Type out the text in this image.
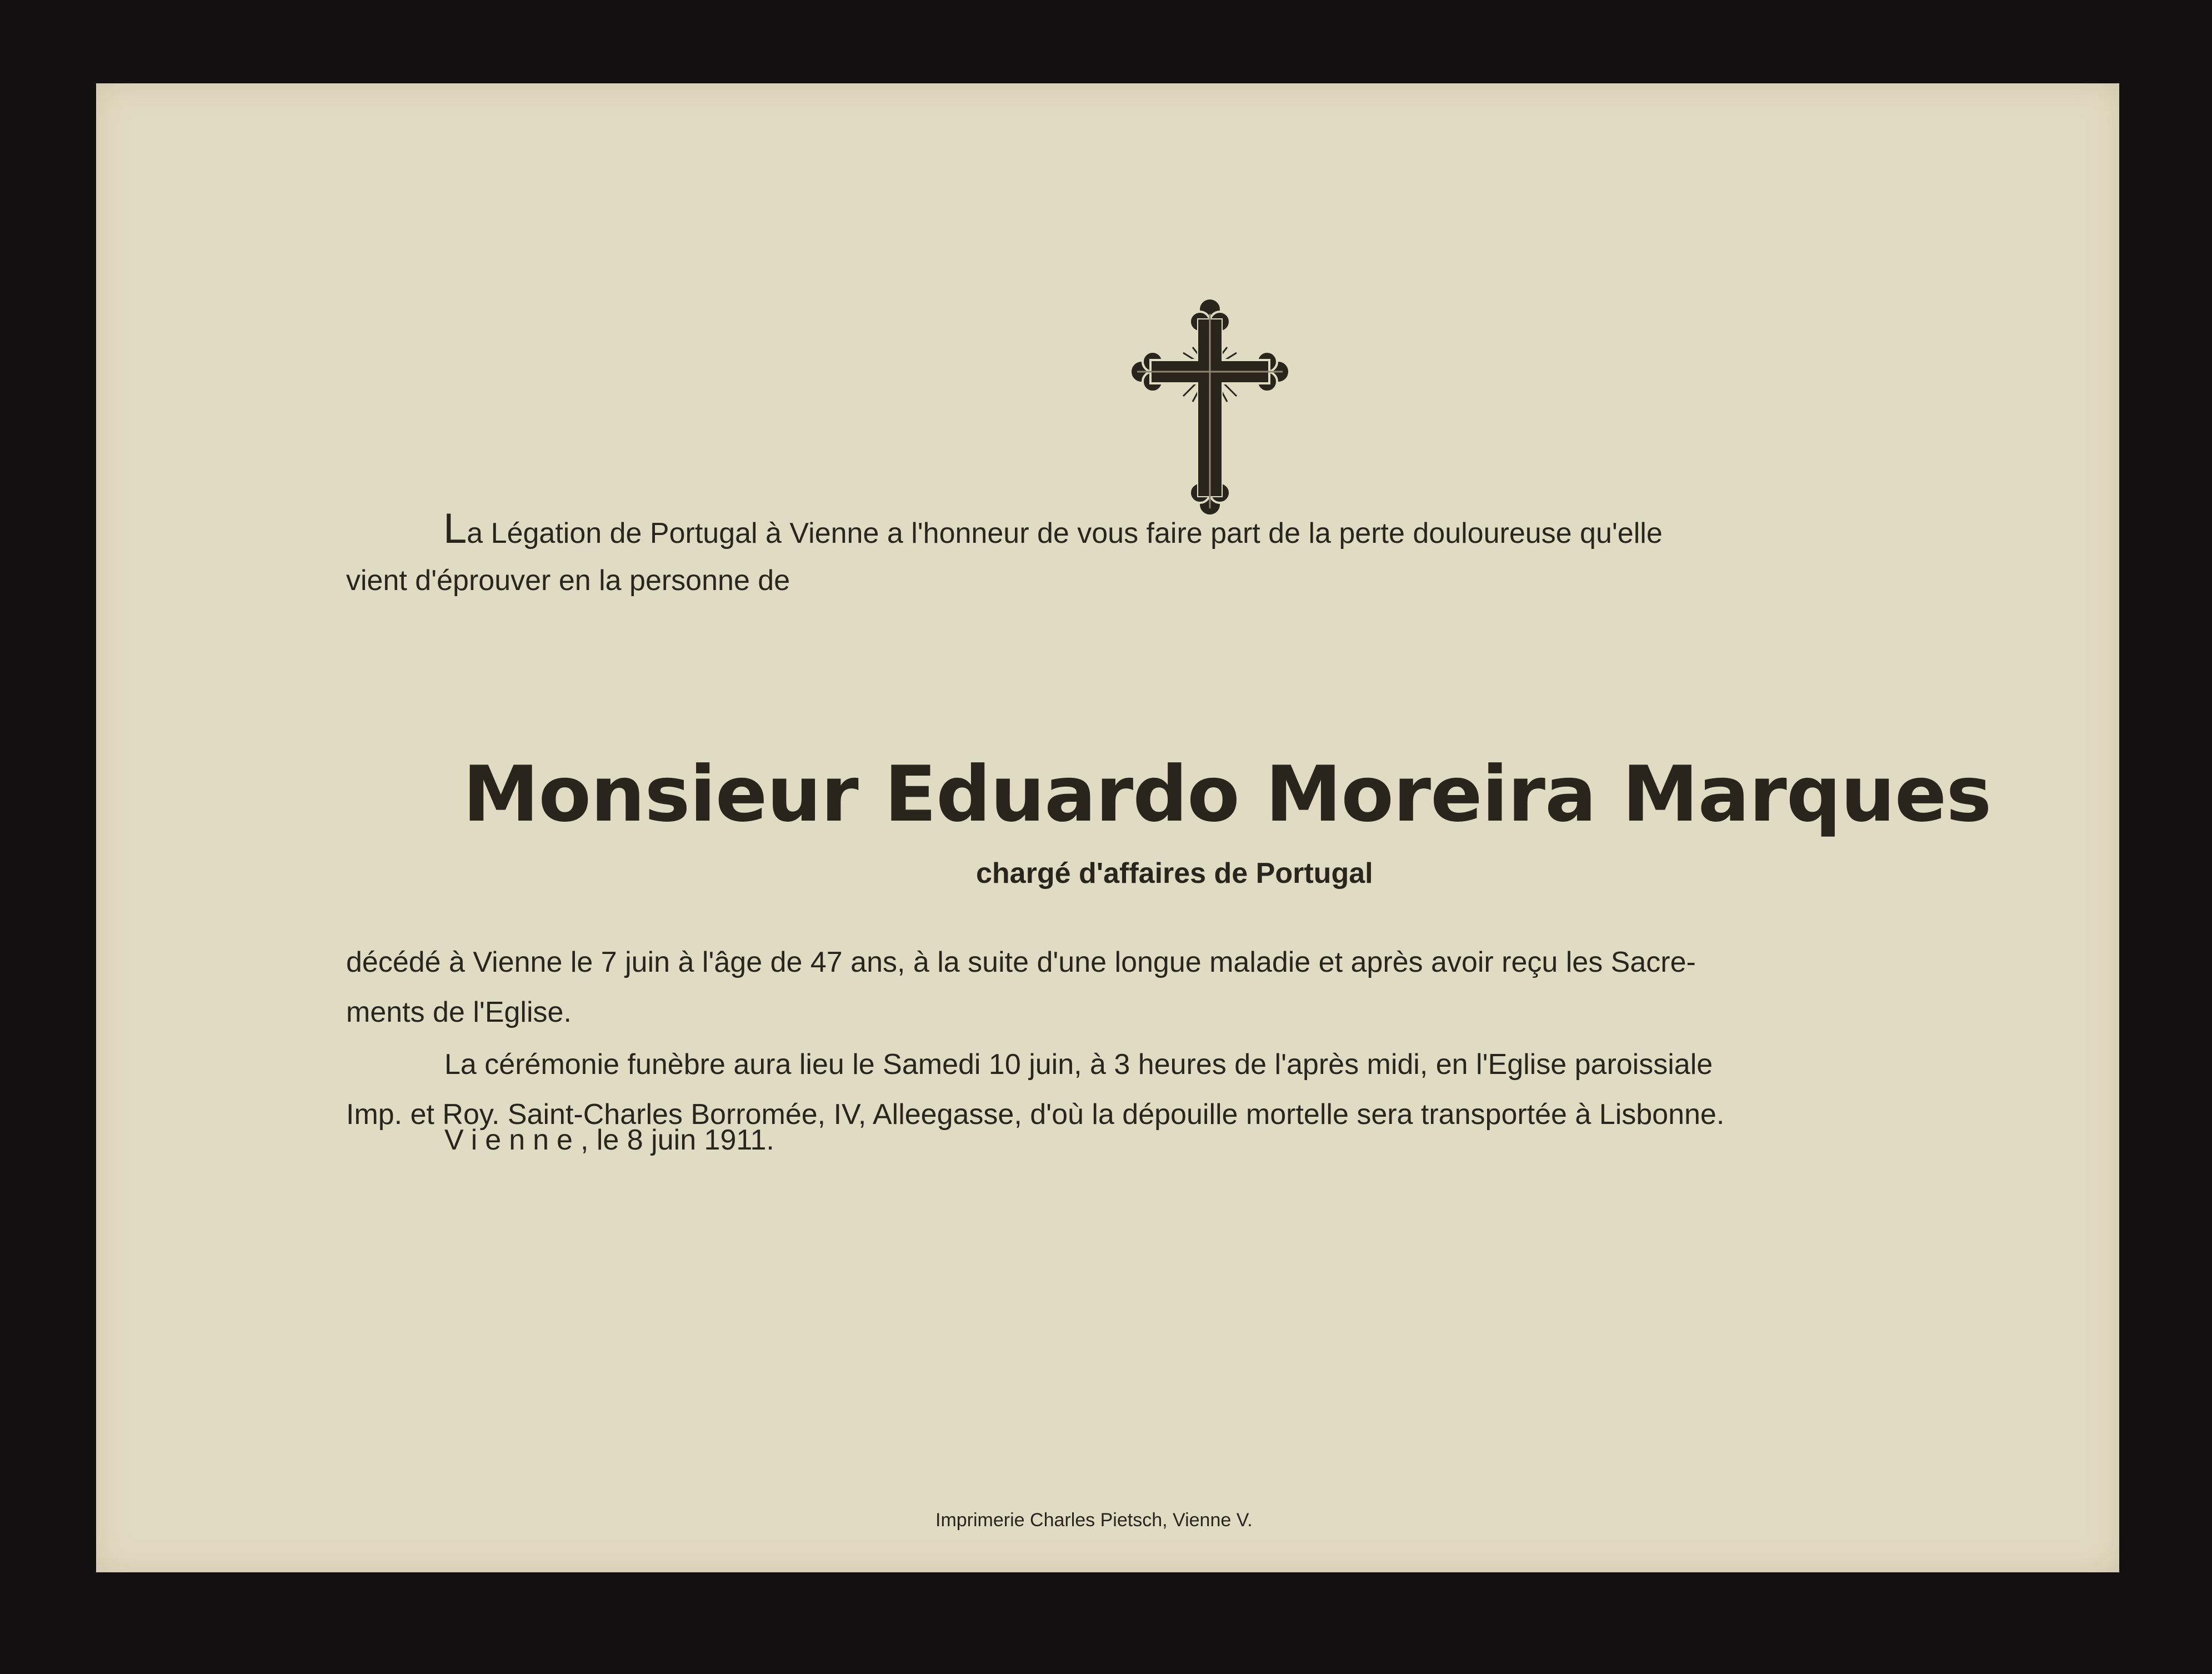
La Légation de Portugal à Vienne a l'honneur de vous faire part de la perte douloureuse qu'elle
vient d'éprouver en la personne de
Monsieur Eduardo Moreira Marques
chargé d'affaires de Portugal
décédé à Vienne le 7 juin à l'âge de 47 ans, à la suite d'une longue maladie et après avoir reçu les Sacre-
ments de l'Eglise.
La cérémonie funèbre aura lieu le Samedi 10 juin, à 3 heures de l'après midi, en l'Eglise paroissiale
Imp. et Roy. Saint-Charles Borromée, IV, Alleegasse, d'où la dépouille mortelle sera transportée à Lisbonne.
Vienne, le 8 juin 1911.
Imprimerie Charles Pietsch, Vienne V.
